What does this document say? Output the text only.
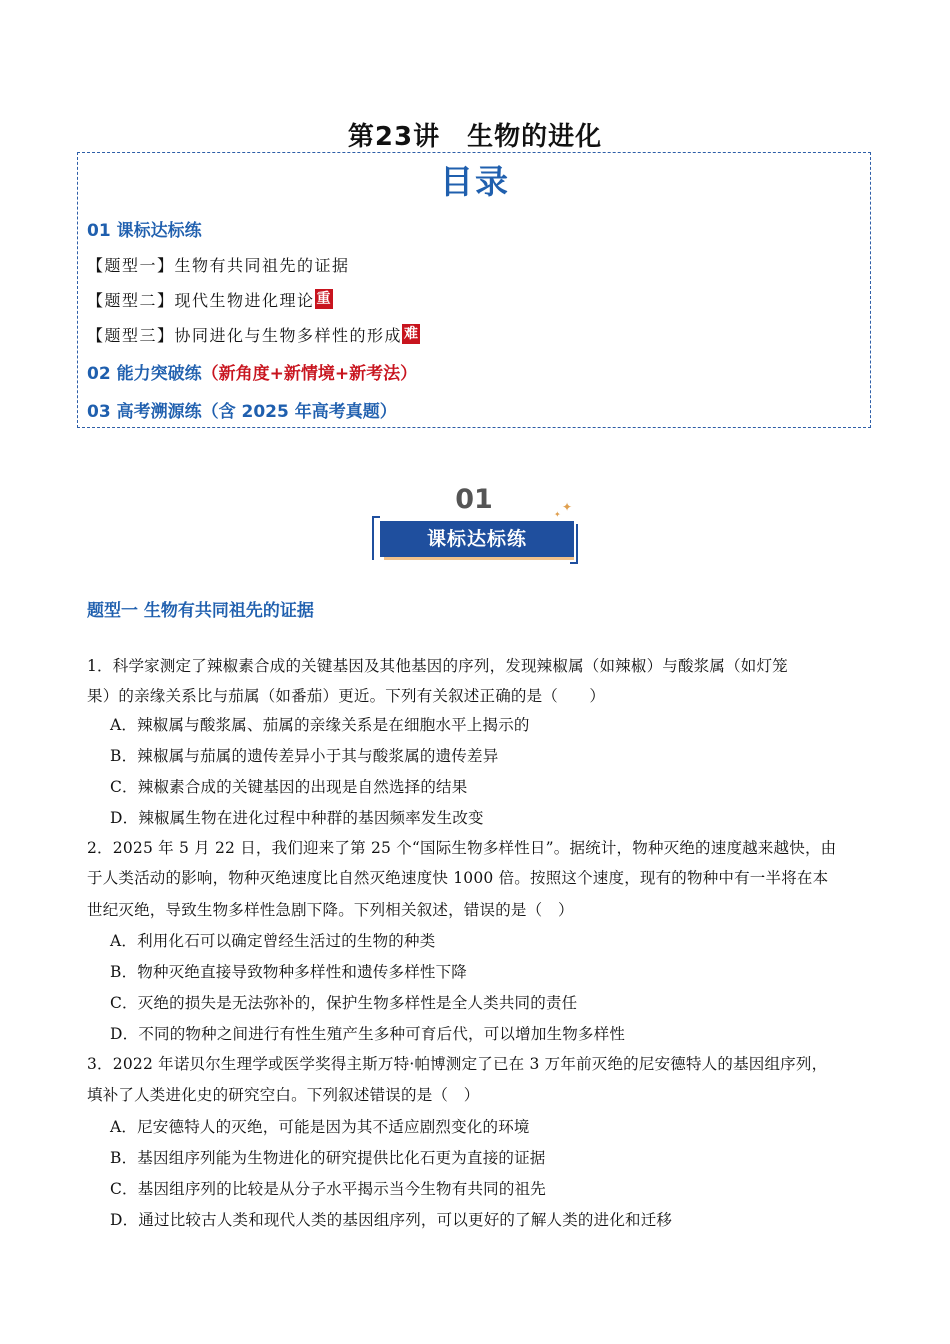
第23讲　生物的进化
目录
01 课标达标练
【题型一】生物有共同祖先的证据
【题型二】现代生物进化理论 重
【题型三】协同进化与生物多样性的形成 难
02 能力突破练（新角度+新情境+新考法）
03 高考溯源练（含 2025 年高考真题）
01
课标达标练
✦
✦
题型一 生物有共同祖先的证据
1．科学家测定了辣椒素合成的关键基因及其他基因的序列，发现辣椒属（如辣椒）与酸浆属（如灯笼
果）的亲缘关系比与茄属（如番茄）更近。下列有关叙述正确的是（　　）
A．辣椒属与酸浆属、茄属的亲缘关系是在细胞水平上揭示的
B．辣椒属与茄属的遗传差异小于其与酸浆属的遗传差异
C．辣椒素合成的关键基因的出现是自然选择的结果
D．辣椒属生物在进化过程中种群的基因频率发生改变
2．2025 年 5 月 22 日，我们迎来了第 25 个“国际生物多样性日”。据统计，物种灭绝的速度越来越快，由
于人类活动的影响，物种灭绝速度比自然灭绝速度快 1000 倍。按照这个速度，现有的物种中有一半将在本
世纪灭绝，导致生物多样性急剧下降。下列相关叙述，错误的是（　）
A．利用化石可以确定曾经生活过的生物的种类
B．物种灭绝直接导致物种多样性和遗传多样性下降
C．灭绝的损失是无法弥补的，保护生物多样性是全人类共同的责任
D．不同的物种之间进行有性生殖产生多种可育后代，可以增加生物多样性
3．2022 年诺贝尔生理学或医学奖得主斯万特·帕博测定了已在 3 万年前灭绝的尼安德特人的基因组序列，
填补了人类进化史的研究空白。下列叙述错误的是（　）
A．尼安德特人的灭绝，可能是因为其不适应剧烈变化的环境
B．基因组序列能为生物进化的研究提供比化石更为直接的证据
C．基因组序列的比较是从分子水平揭示当今生物有共同的祖先
D．通过比较古人类和现代人类的基因组序列，可以更好的了解人类的进化和迁移
